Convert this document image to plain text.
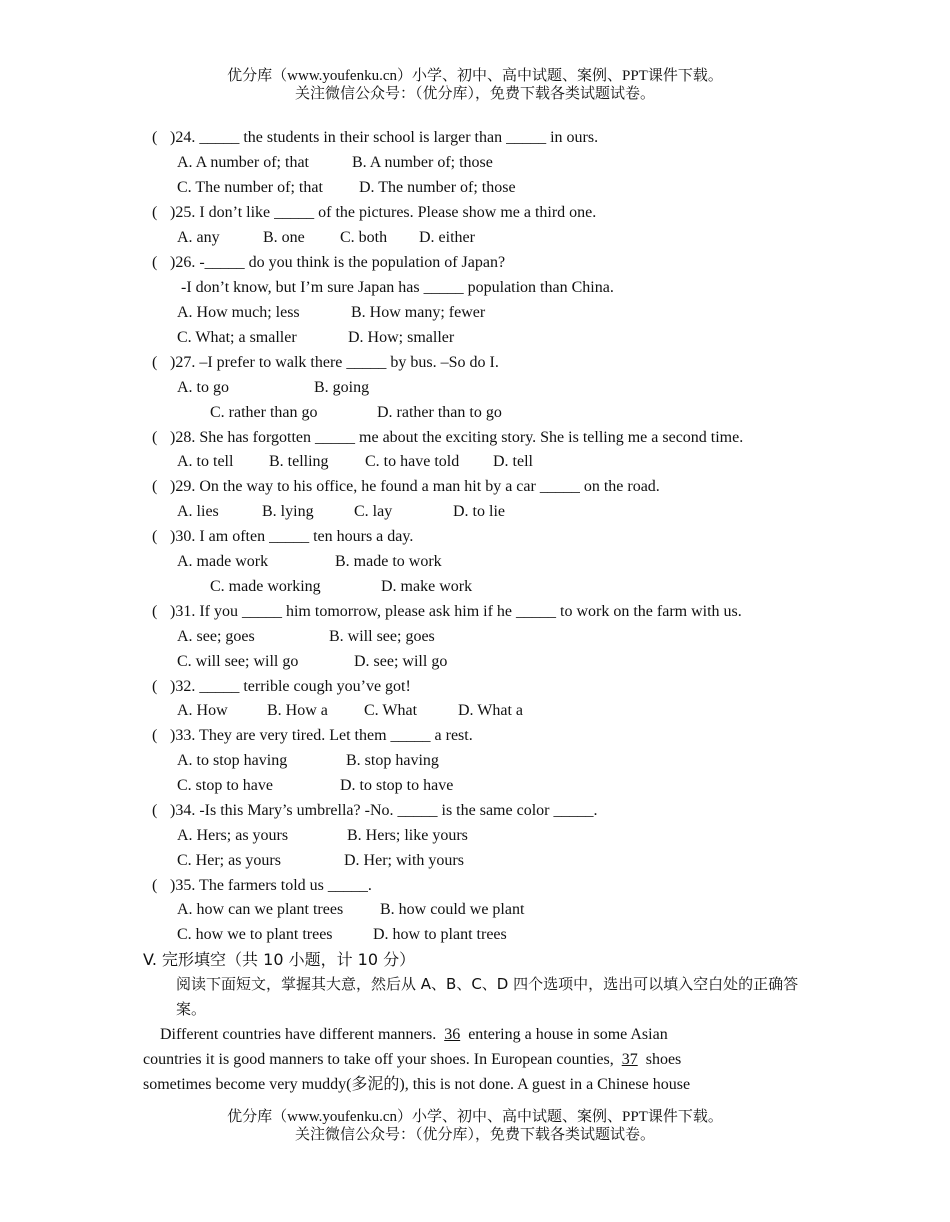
优分库（www.youfenku.cn）小学、初中、高中试题、案例、PPT课件下载。
关注微信公众号：（优分库），免费下载各类试题试卷。
( )24. _____ the students in their school is larger than _____ in ours.
A. A number of; that	B. A number of; those
C. The number of; that D. The number of; those
( )25. I don’t like _____ of the pictures. Please show me a third one.
A. any	B. one C. both D. either
( )26. -_____ do you think is the population of Japan?
-I don’t know, but I’m sure Japan has _____ population than China.
A. How much; less	B. How many; fewer
C. What; a smaller	D. How; smaller
( )27. –I prefer to walk there _____ by bus. –So do I.
A. to go	B. going
C. rather than go	D. rather than to go
( )28. She has forgotten _____ me about the exciting story. She is telling me a second time.
A. to tell B. telling C. to have told D. tell
( )29. On the way to his office, he found a man hit by a car _____ on the road.
A. lies	B. lying	C. lay	D. to lie
( )30. I am often _____ ten hours a day.
A. made work	B. made to work
C. made working	D. make work
( )31. If you _____ him tomorrow, please ask him if he _____ to work on the farm with us.
A. see; goes	B. will see; goes
C. will see; will go	D. see; will go
( )32. _____ terrible cough you’ve got!
A. How B. How a C. What	D. What a
( )33. They are very tired. Let them _____ a rest.
A. to stop having	B. stop having
C. stop to have	D. to stop to have
( )34. -Is this Mary’s umbrella? -No. _____ is the same color _____.
A. Hers; as yours	B. Hers; like yours
C. Her; as yours	D. Her; with yours
( )35. The farmers told us _____.
A. how can we plant trees B. how could we plant
C. how we to plant trees	D. how to plant trees
V. 完形填空（共 10 小题，计 10 分）
阅读下面短文，掌握其大意，然后从 A、B、C、D 四个选项中，选出可以填入空白处的正确答案。
Different countries have different manners. 36 entering a house in some Asian
countries it is good manners to take off your shoes. In European counties, 37 shoes
sometimes become very muddy(多泥的), this is not done. A guest in a Chinese house
优分库（www.youfenku.cn）小学、初中、高中试题、案例、PPT课件下载。
关注微信公众号：（优分库），免费下载各类试题试卷。
